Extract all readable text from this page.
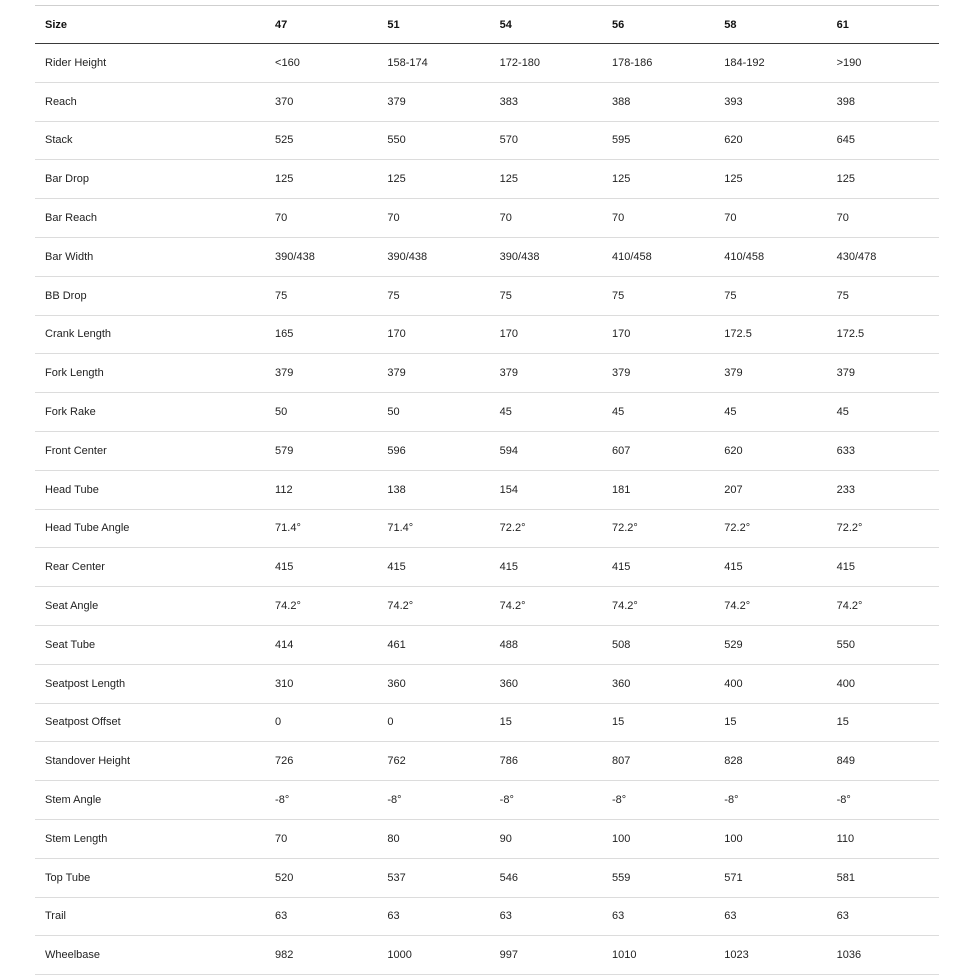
Size	47	51	54	56	58	61
Rider Height	<160	158-174	172-180	178-186	184-192	>190
Reach	370	379	383	388	393	398
Stack	525	550	570	595	620	645
Bar Drop	125	125	125	125	125	125
Bar Reach	70	70	70	70	70	70
Bar Width	390/438	390/438	390/438	410/458	410/458	430/478
BB Drop	75	75	75	75	75	75
Crank Length	165	170	170	170	172.5	172.5
Fork Length	379	379	379	379	379	379
Fork Rake	50	50	45	45	45	45
Front Center	579	596	594	607	620	633
Head Tube	112	138	154	181	207	233
Head Tube Angle	71.4°	71.4°	72.2°	72.2°	72.2°	72.2°
Rear Center	415	415	415	415	415	415
Seat Angle	74.2°	74.2°	74.2°	74.2°	74.2°	74.2°
Seat Tube	414	461	488	508	529	550
Seatpost Length	310	360	360	360	400	400
Seatpost Offset	0	0	15	15	15	15
Standover Height	726	762	786	807	828	849
Stem Angle	-8°	-8°	-8°	-8°	-8°	-8°
Stem Length	70	80	90	100	100	110
Top Tube	520	537	546	559	571	581
Trail	63	63	63	63	63	63
Wheelbase	982	1000	997	1010	1023	1036
